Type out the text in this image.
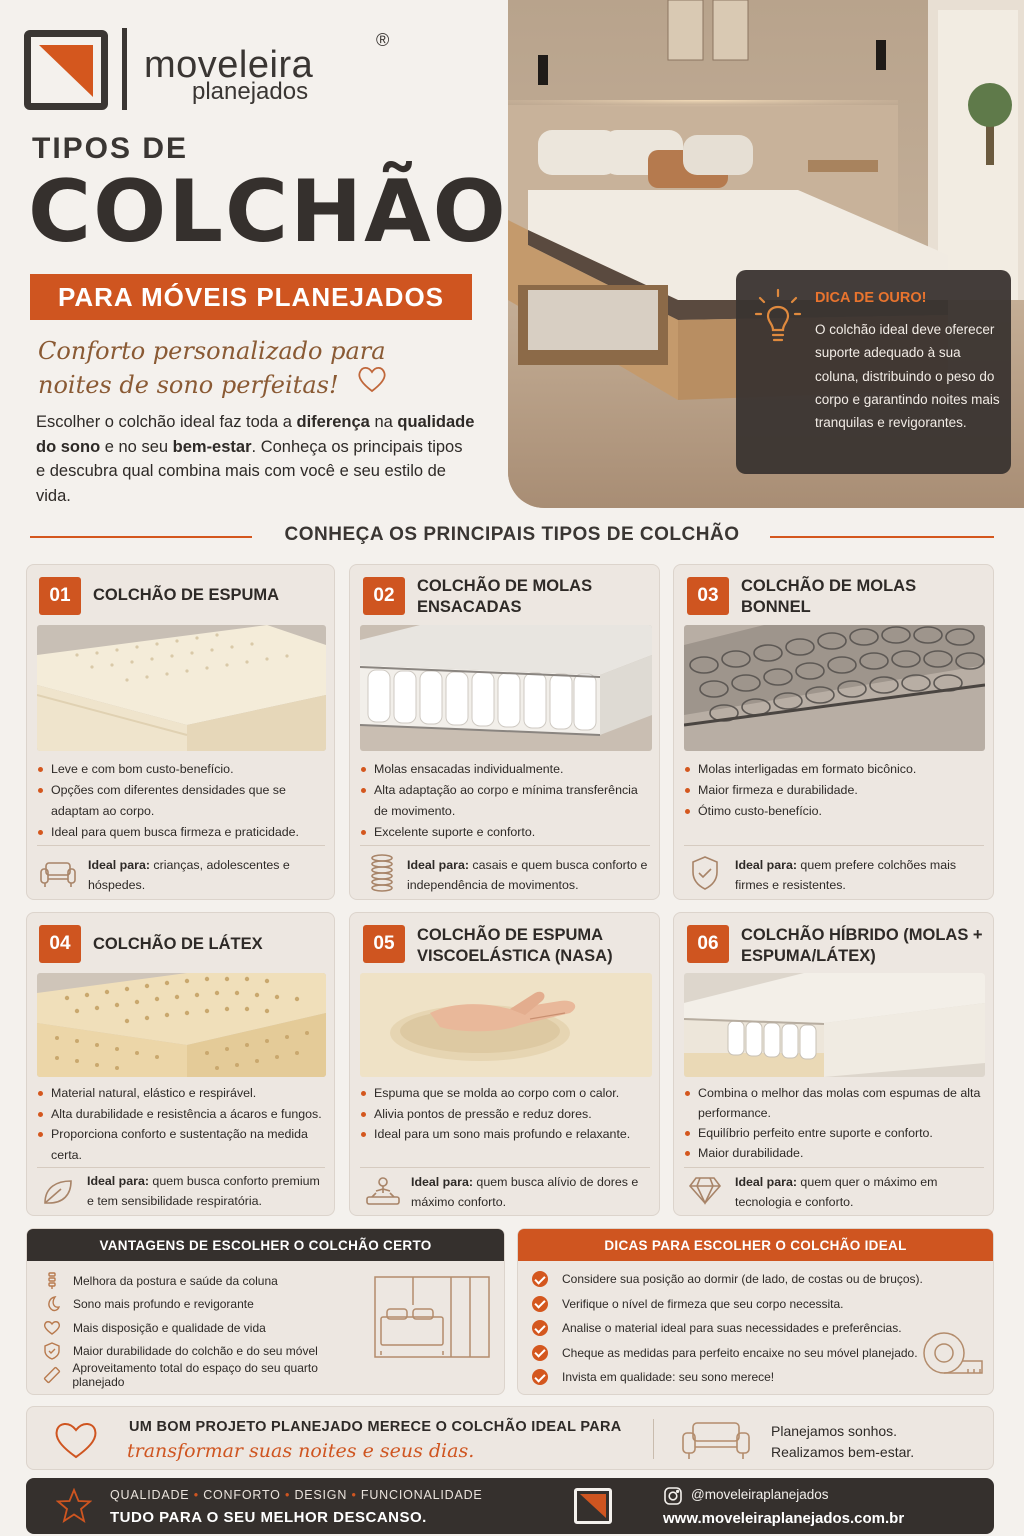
moveleira
planejados
®
TIPOS DE
COLCHÃO
PARA MÓVEIS PLANEJADOS
Conforto personalizado para
noites de sono perfeitas!
Escolher o colchão ideal faz toda a diferença na qualidade do sono e no seu bem-estar. Conheça os principais tipos e descubra qual combina mais com você e seu estilo de vida.
DICA DE OURO!
O colchão ideal deve oferecer suporte adequado à sua coluna, distribuindo o peso do corpo e garantindo noites mais tranquilas e revigorantes.
CONHEÇA OS PRINCIPAIS TIPOS DE COLCHÃO
01	COLCHÃO DE ESPUMA
Leve e com bom custo-benefício.
Opções com diferentes densidades que se adaptam ao corpo.
Ideal para quem busca firmeza e praticidade.
Ideal para: crianças, adolescentes e hóspedes.
02	COLCHÃO DE MOLAS ENSACADAS
Molas ensacadas individualmente.
Alta adaptação ao corpo e mínima transferência de movimento.
Excelente suporte e conforto.
Ideal para: casais e quem busca conforto e independência de movimentos.
03	COLCHÃO DE MOLAS BONNEL
Molas interligadas em formato bicônico.
Maior firmeza e durabilidade.
Ótimo custo-benefício.
Ideal para: quem prefere colchões mais firmes e resistentes.
04	COLCHÃO DE LÁTEX
Material natural, elástico e respirável.
Alta durabilidade e resistência a ácaros e fungos.
Proporciona conforto e sustentação na medida certa.
Ideal para: quem busca conforto premium e tem sensibilidade respiratória.
05	COLCHÃO DE ESPUMA VISCOELÁSTICA (NASA)
Espuma que se molda ao corpo com o calor.
Alivia pontos de pressão e reduz dores.
Ideal para um sono mais profundo e relaxante.
Ideal para: quem busca alívio de dores e máximo conforto.
06	COLCHÃO HÍBRIDO (MOLAS + ESPUMA/LÁTEX)
Combina o melhor das molas com espumas de alta performance.
Equilíbrio perfeito entre suporte e conforto.
Maior durabilidade.
Ideal para: quem quer o máximo em tecnologia e conforto.
VANTAGENS DE ESCOLHER O COLCHÃO CERTO
Melhora da postura e saúde da coluna
Sono mais profundo e revigorante
Mais disposição e qualidade de vida
Maior durabilidade do colchão e do seu móvel
Aproveitamento total do espaço do seu quarto planejado
DICAS PARA ESCOLHER O COLCHÃO IDEAL
Considere sua posição ao dormir (de lado, de costas ou de bruços).
Verifique o nível de firmeza que seu corpo necessita.
Analise o material ideal para suas necessidades e preferências.
Cheque as medidas para perfeito encaixe no seu móvel planejado.
Invista em qualidade: seu sono merece!
UM BOM PROJETO PLANEJADO MERECE O COLCHÃO IDEAL PARA
transformar suas noites e seus dias.
Planejamos sonhos.
Realizamos bem-estar.
QUALIDADE • CONFORTO • DESIGN • FUNCIONALIDADE
TUDO PARA O SEU MELHOR DESCANSO.
@moveleiraplanejados
www.moveleiraplanejados.com.br
